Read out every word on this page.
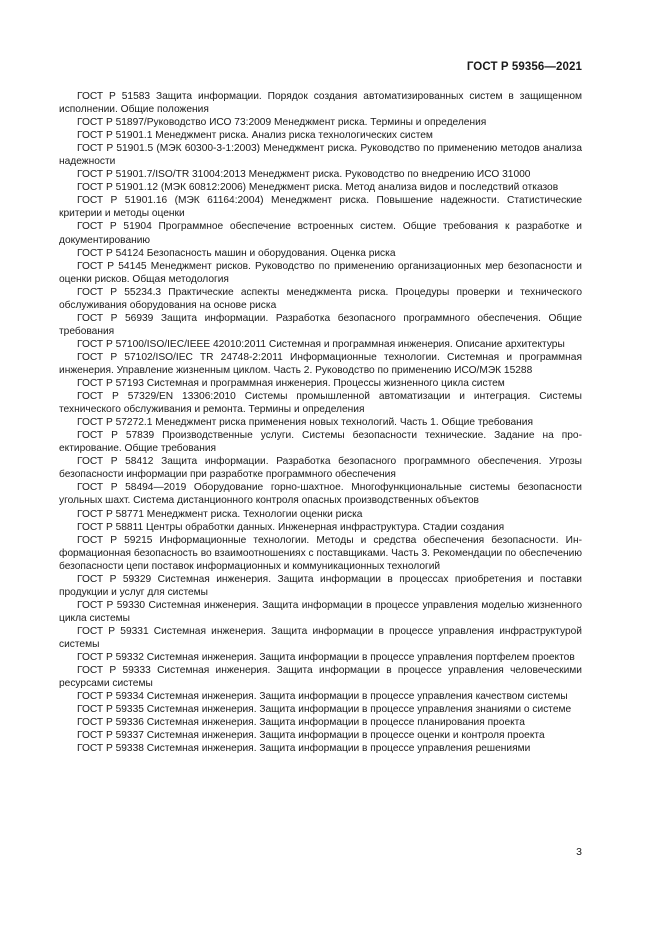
ГОСТ Р 59356—2021

ГОСТ Р 51583 Защита информации. Порядок создания автоматизированных систем в защищенном исполнении. Общие положения

ГОСТ Р 51897/Руководство ИСО 73:2009 Менеджмент риска. Термины и определения

ГОСТ Р 51901.1 Менеджмент риска. Анализ риска технологических систем

ГОСТ Р 51901.5 (МЭК 60300-3-1:2003) Менеджмент риска. Руководство по применению методов анализа надежности

ГОСТ Р 51901.7/ISO/TR 31004:2013 Менеджмент риска. Руководство по внедрению ИСО 31000

ГОСТ Р 51901.12 (МЭК 60812:2006) Менеджмент риска. Метод анализа видов и последствий отказов

ГОСТ Р 51901.16 (МЭК 61164:2004) Менеджмент риска. Повышение надежности. Статистические критерии и методы оценки

ГОСТ Р 51904 Программное обеспечение встроенных систем. Общие требования к разработке и документированию

ГОСТ Р 54124 Безопасность машин и оборудования. Оценка риска

ГОСТ Р 54145 Менеджмент рисков. Руководство по применению организационных мер безопасности и оценки рисков. Общая методология

ГОСТ Р 55234.3 Практические аспекты менеджмента риска. Процедуры проверки и технического обслуживания оборудования на основе риска

ГОСТ Р 56939 Защита информации. Разработка безопасного программного обеспечения. Общие требования

ГОСТ Р 57100/ISO/IEC/IEEE 42010:2011 Системная и программная инженерия. Описание архитектуры

ГОСТ Р 57102/ISO/IEC TR 24748-2:2011 Информационные технологии. Системная и программная инженерия. Управление жизненным циклом. Часть 2. Руководство по применению ИСО/МЭК 15288

ГОСТ Р 57193 Системная и программная инженерия. Процессы жизненного цикла систем

ГОСТ Р 57329/EN 13306:2010 Системы промышленной автоматизации и интеграция. Системы технического обслуживания и ремонта. Термины и определения

ГОСТ Р 57272.1 Менеджмент риска применения новых технологий. Часть 1. Общие требования

ГОСТ Р 57839 Производственные услуги. Системы безопасности технические. Задание на проектирование. Общие требования

ГОСТ Р 58412 Защита информации. Разработка безопасного программного обеспечения. Угрозы безопасности информации при разработке программного обеспечения

ГОСТ Р 58494—2019 Оборудование горно-шахтное. Многофункциональные системы безопасности угольных шахт. Система дистанционного контроля опасных производственных объектов

ГОСТ Р 58771 Менеджмент риска. Технологии оценки риска

ГОСТ Р 58811 Центры обработки данных. Инженерная инфраструктура. Стадии создания

ГОСТ Р 59215 Информационные технологии. Методы и средства обеспечения безопасности. Информационная безопасность во взаимоотношениях с поставщиками. Часть 3. Рекомендации по обеспечению безопасности цепи поставок информационных и коммуникационных технологий

ГОСТ Р 59329 Системная инженерия. Защита информации в процессах приобретения и поставки продукции и услуг для системы

ГОСТ Р 59330 Системная инженерия. Защита информации в процессе управления моделью жизненного цикла системы

ГОСТ Р 59331 Системная инженерия. Защита информации в процессе управления инфраструктурой системы

ГОСТ Р 59332 Системная инженерия. Защита информации в процессе управления портфелем проектов

ГОСТ Р 59333 Системная инженерия. Защита информации в процессе управления человеческими ресурсами системы

ГОСТ Р 59334 Системная инженерия. Защита информации в процессе управления качеством системы

ГОСТ Р 59335 Системная инженерия. Защита информации в процессе управления знаниями о системе

ГОСТ Р 59336 Системная инженерия. Защита информации в процессе планирования проекта

ГОСТ Р 59337 Системная инженерия. Защита информации в процессе оценки и контроля проекта

ГОСТ Р 59338 Системная инженерия. Защита информации в процессе управления решениями

3
